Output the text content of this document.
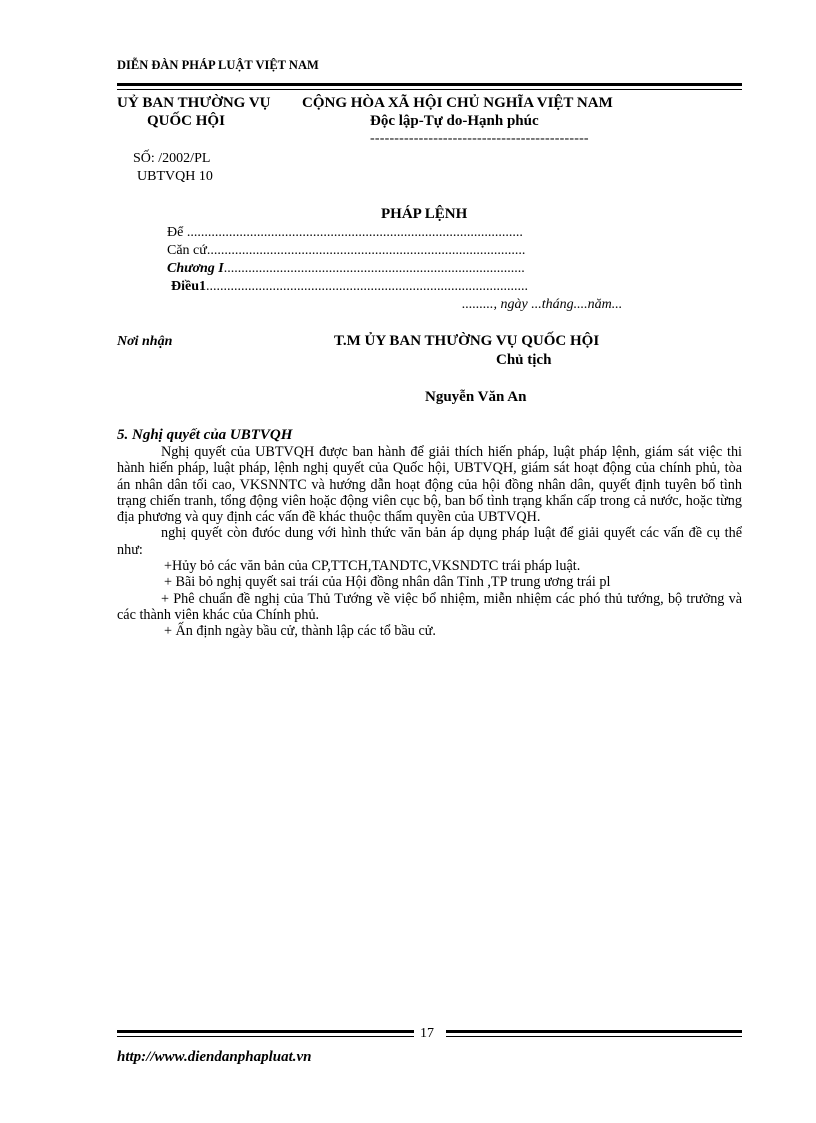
DIỄN ĐÀN PHÁP LUẬT VIỆT NAM
UỶ BAN THƯỜNG VỤ
QUỐC HỘI
CỘNG HÒA XÃ HỘI CHỦ NGHĨA VIỆT NAM
Độc lập-Tự do-Hạnh phúc
---------------------------------------------
SỐ: /2002/PL
UBTVQH 10
PHÁP LỆNH
Để ................................................................................................
Căn cứ...........................................................................................
Chương I......................................................................................
Điều1............................................................................................
........., ngày ...tháng....năm...
Nơi nhận	T.M ỦY BAN THƯỜNG VỤ QUỐC HỘI
Chủ tịch
Nguyễn Văn An
5. Nghị quyết của UBTVQH

Nghị quyết của UBTVQH được ban hành để giải thích hiến pháp, luật pháp lệnh, giám sát việc thi hành hiến pháp, luật pháp, lệnh nghị quyết của Quốc hội, UBTVQH, giám sát hoạt động của chính phủ, tòa án nhân dân tối cao, VKSNNTC và hướng dẫn hoạt động của hội đồng nhân dân, quyết định tuyên bố tình trạng chiến tranh, tổng động viên hoặc động viên cục bộ, ban bố tình trạng khẩn cấp trong cả nước, hoặc từng địa phương và quy định các vấn đề khác thuộc thẩm quyền của UBTVQH.

nghị quyết còn đưóc dung với hình thức văn bản áp dụng pháp luật để giải quyết các vấn đề cụ thể như:

+Hủy bỏ các văn bản của CP,TTCH,TANDTC,VKSNDTC trái pháp luật.

+ Bãi bỏ nghị quyết sai trái của Hội đồng nhân dân Tỉnh ,TP trung ương trái pl

+ Phê chuẩn đề nghị của Thủ Tướng về việc bổ nhiệm, miễn nhiệm các phó thủ tướng, bộ trưởng và các thành viên khác của Chính phủ.

+ Ấn định ngày bầu cử, thành lập các tổ bầu cử.

17
http://www.diendanphapluat.vn
